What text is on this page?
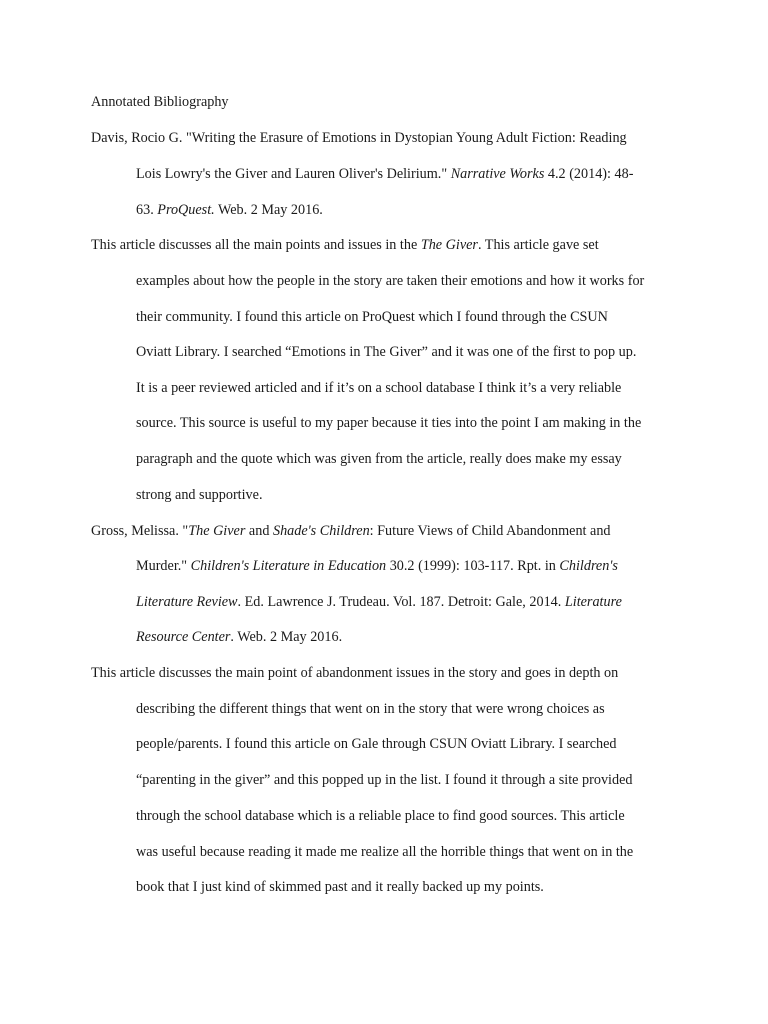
Annotated Bibliography
Davis, Rocio G. "Writing the Erasure of Emotions in Dystopian Young Adult Fiction: Reading
Lois Lowry's the Giver and Lauren Oliver's Delirium." Narrative Works 4.2 (2014): 48-
63. ProQuest. Web. 2 May 2016.
This article discusses all the main points and issues in the The Giver. This article gave set
examples about how the people in the story are taken their emotions and how it works for
their community. I found this article on ProQuest which I found through the CSUN
Oviatt Library. I searched “Emotions in The Giver” and it was one of the first to pop up.
It is a peer reviewed articled and if it’s on a school database I think it’s a very reliable
source. This source is useful to my paper because it ties into the point I am making in the
paragraph and the quote which was given from the article, really does make my essay
strong and supportive.
Gross, Melissa. "The Giver and Shade's Children: Future Views of Child Abandonment and
Murder." Children's Literature in Education 30.2 (1999): 103-117. Rpt. in Children's
Literature Review. Ed. Lawrence J. Trudeau. Vol. 187. Detroit: Gale, 2014. Literature
Resource Center. Web. 2 May 2016.
This article discusses the main point of abandonment issues in the story and goes in depth on
describing the different things that went on in the story that were wrong choices as
people/parents. I found this article on Gale through CSUN Oviatt Library. I searched
“parenting in the giver” and this popped up in the list. I found it through a site provided
through the school database which is a reliable place to find good sources. This article
was useful because reading it made me realize all the horrible things that went on in the
book that I just kind of skimmed past and it really backed up my points.
